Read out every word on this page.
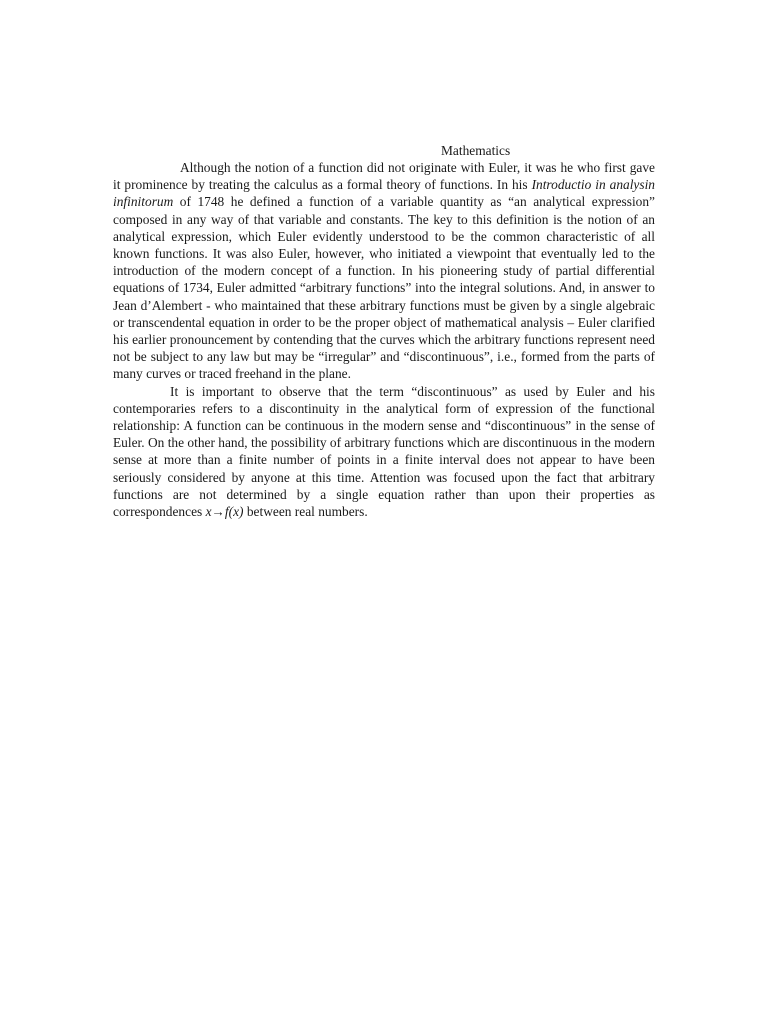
Mathematics

Although the notion of a function did not originate with Euler, it was he who first gave it prominence by treating the calculus as a formal theory of functions. In his Introductio in analysin infinitorum of 1748 he defined a function of a variable quantity as “an analytical expression” composed in any way of that variable and constants. The key to this definition is the notion of an analytical expression, which Euler evidently understood to be the common characteristic of all known functions. It was also Euler, however, who initiated a viewpoint that eventually led to the introduction of the modern concept of a function. In his pioneering study of partial differential equations of 1734, Euler admitted “arbitrary functions” into the integral solutions. And, in answer to Jean d’Alembert - who maintained that these arbitrary functions must be given by a single algebraic or transcendental equation in order to be the proper object of mathematical analysis – Euler clarified his earlier pronouncement by contending that the curves which the arbitrary functions represent need not be subject to any law but may be “irregular” and “discontinuous”, i.e., formed from the parts of many curves or traced freehand in the plane.

It is important to observe that the term “discontinuous” as used by Euler and his contemporaries refers to a discontinuity in the analytical form of expression of the functional relationship: A function can be continuous in the modern sense and “discontinuous” in the sense of Euler. On the other hand, the possibility of arbitrary functions which are discontinuous in the modern sense at more than a finite number of points in a finite interval does not appear to have been seriously considered by anyone at this time. Attention was focused upon the fact that arbitrary functions are not determined by a single equation rather than upon their properties as correspondences x→f(x) between real numbers.
